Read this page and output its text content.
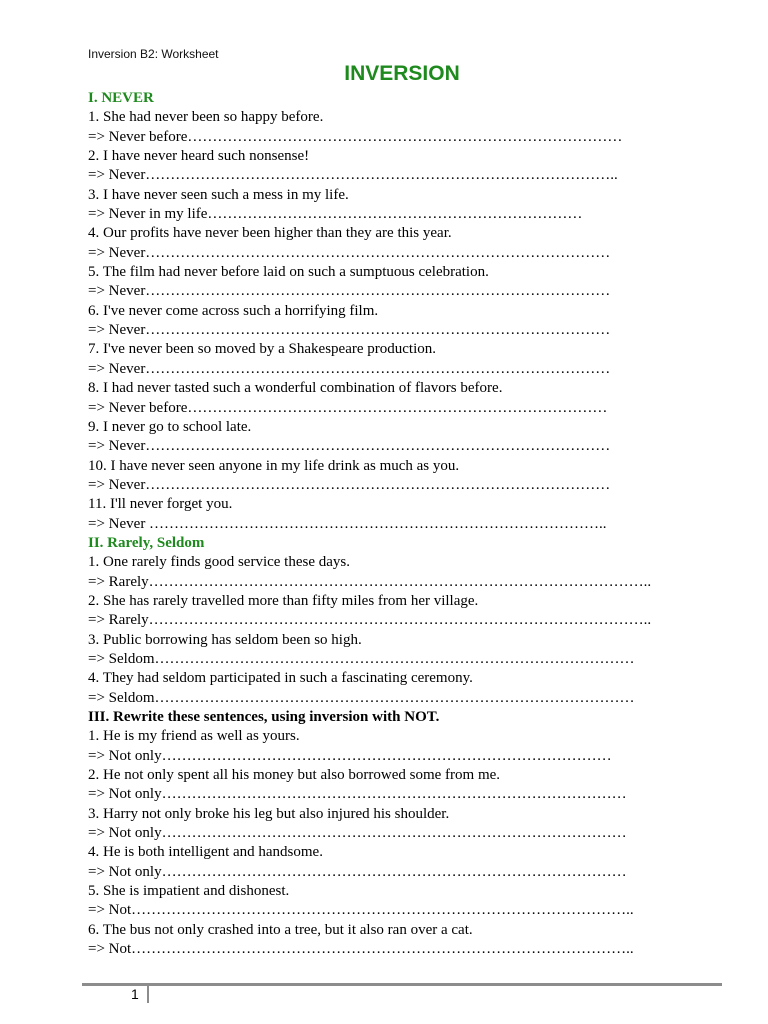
Inversion B2: Worksheet
INVERSION
I. NEVER
1. She had never been so happy before.
=> Never before……………………………………………………………………………
2. I have never heard such nonsense!
=> Never…………………………………………………………………………………..
3. I have never seen such a mess in my life.
=> Never in my life…………………………………………………………………
4. Our profits have never been higher than they are this year.
=> Never…………………………………………………………………………………
5. The film had never before laid on such a sumptuous celebration.
=> Never…………………………………………………………………………………
6. I've never come across such a horrifying film.
=> Never…………………………………………………………………………………
7. I've never been so moved by a Shakespeare production.
=> Never…………………………………………………………………………………
8. I had never tasted such a wonderful combination of flavors before.
=> Never before…………………………………………………………………………
9. I never go to school late.
=> Never…………………………………………………………………………………
10. I have never seen anyone in my life drink as much as you.
=> Never…………………………………………………………………………………
11. I'll never forget you.
=> Never ………………………………………………………………………………..
II. Rarely, Seldom
1. One rarely finds good service these days.
=> Rarely………………………………………………………………………………………..
2. She has rarely travelled more than fifty miles from her village.
=> Rarely………………………………………………………………………………………..
3. Public borrowing has seldom been so high.
=> Seldom……………………………………………………………………………………
4. They had seldom participated in such a fascinating ceremony.
=> Seldom……………………………………………………………………………………
III. Rewrite these sentences, using inversion with NOT.
1. He is my friend as well as yours.
=> Not only………………………………………………………………………………
2. He not only spent all his money but also borrowed some from me.
=> Not only…………………………………………………………………………………
3. Harry not only broke his leg but also injured his shoulder.
=> Not only…………………………………………………………………………………
4. He is both intelligent and handsome.
=> Not only…………………………………………………………………………………
5. She is impatient and dishonest.
=> Not………………………………………………………………………………………..
6. The bus not only crashed into a tree, but it also ran over a cat.
=> Not………………………………………………………………………………………..
1
